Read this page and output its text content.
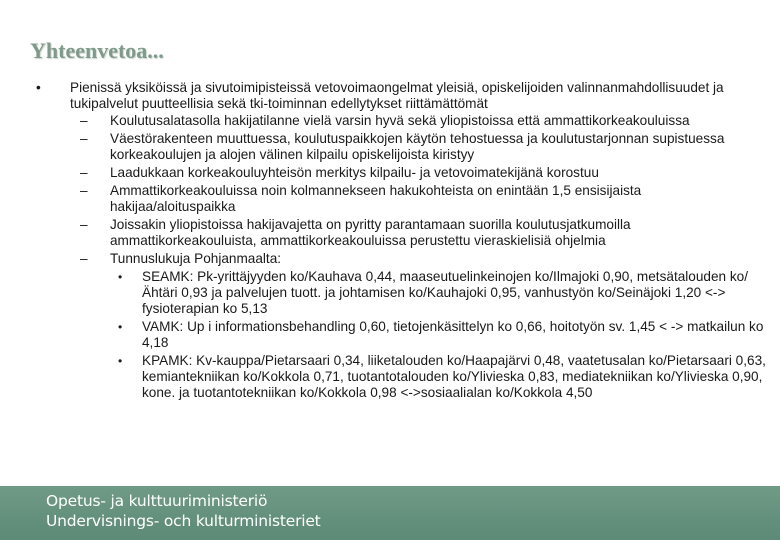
Yhteenvetoa...
• Pienissä yksiköissä ja sivutoimipisteissä vetovoimaongelmat yleisiä, opiskelijoiden valinnanmahdollisuudet ja tukipalvelut puutteellisia sekä tki-toiminnan edellytykset riittämättömät
– Koulutusalatasolla hakijatilanne vielä varsin hyvä sekä yliopistoissa että ammattikorkeakouluissa
– Väestörakenteen muuttuessa, koulutuspaikkojen käytön tehostuessa ja koulutustarjonnan supistuessa korkeakoulujen ja alojen välinen kilpailu opiskelijoista kiristyy
– Laadukkaan korkeakouluyhteisön merkitys kilpailu- ja vetovoimatekijänä korostuu
– Ammattikorkeakouluissa noin kolmannekseen hakukohteista on enintään 1,5 ensisijaista hakijaa/aloituspaikka
– Joissakin yliopistoissa hakijavajetta on pyritty parantamaan suorilla koulutusjatkumoilla ammattikorkeakouluista, ammattikorkeakouluissa perustettu vieraskielisiä ohjelmia
– Tunnuslukuja Pohjanmaalta:
• SEAMK: Pk-yrittäjyyden ko/Kauhava 0,44, maaseutuelinkeinojen ko/Ilmajoki 0,90, metsätalouden ko/Ähtäri 0,93 ja palvelujen tuott. ja johtamisen ko/Kauhajoki 0,95, vanhustyön ko/Seinäjoki 1,20 <-> fysioterapian ko 5,13
• VAMK: Up i informationsbehandling 0,60, tietojenkäsittelyn ko 0,66, hoitotyön sv. 1,45 < -> matkailun ko 4,18
• KPAMK: Kv-kauppa/Pietarsaari 0,34, liiketalouden ko/Haapajärvi 0,48, vaatetusalan ko/Pietarsaari 0,63, kemiantekniikan ko/Kokkola 0,71, tuotantotalouden ko/Ylivieska 0,83, mediatekniikan ko/Ylivieska 0,90, kone. ja tuotantotekniikan ko/Kokkola 0,98 <->sosiaalialan ko/Kokkola 4,50
Opetus- ja kulttuuriministeriö
Undervisnings- och kulturministeriet
